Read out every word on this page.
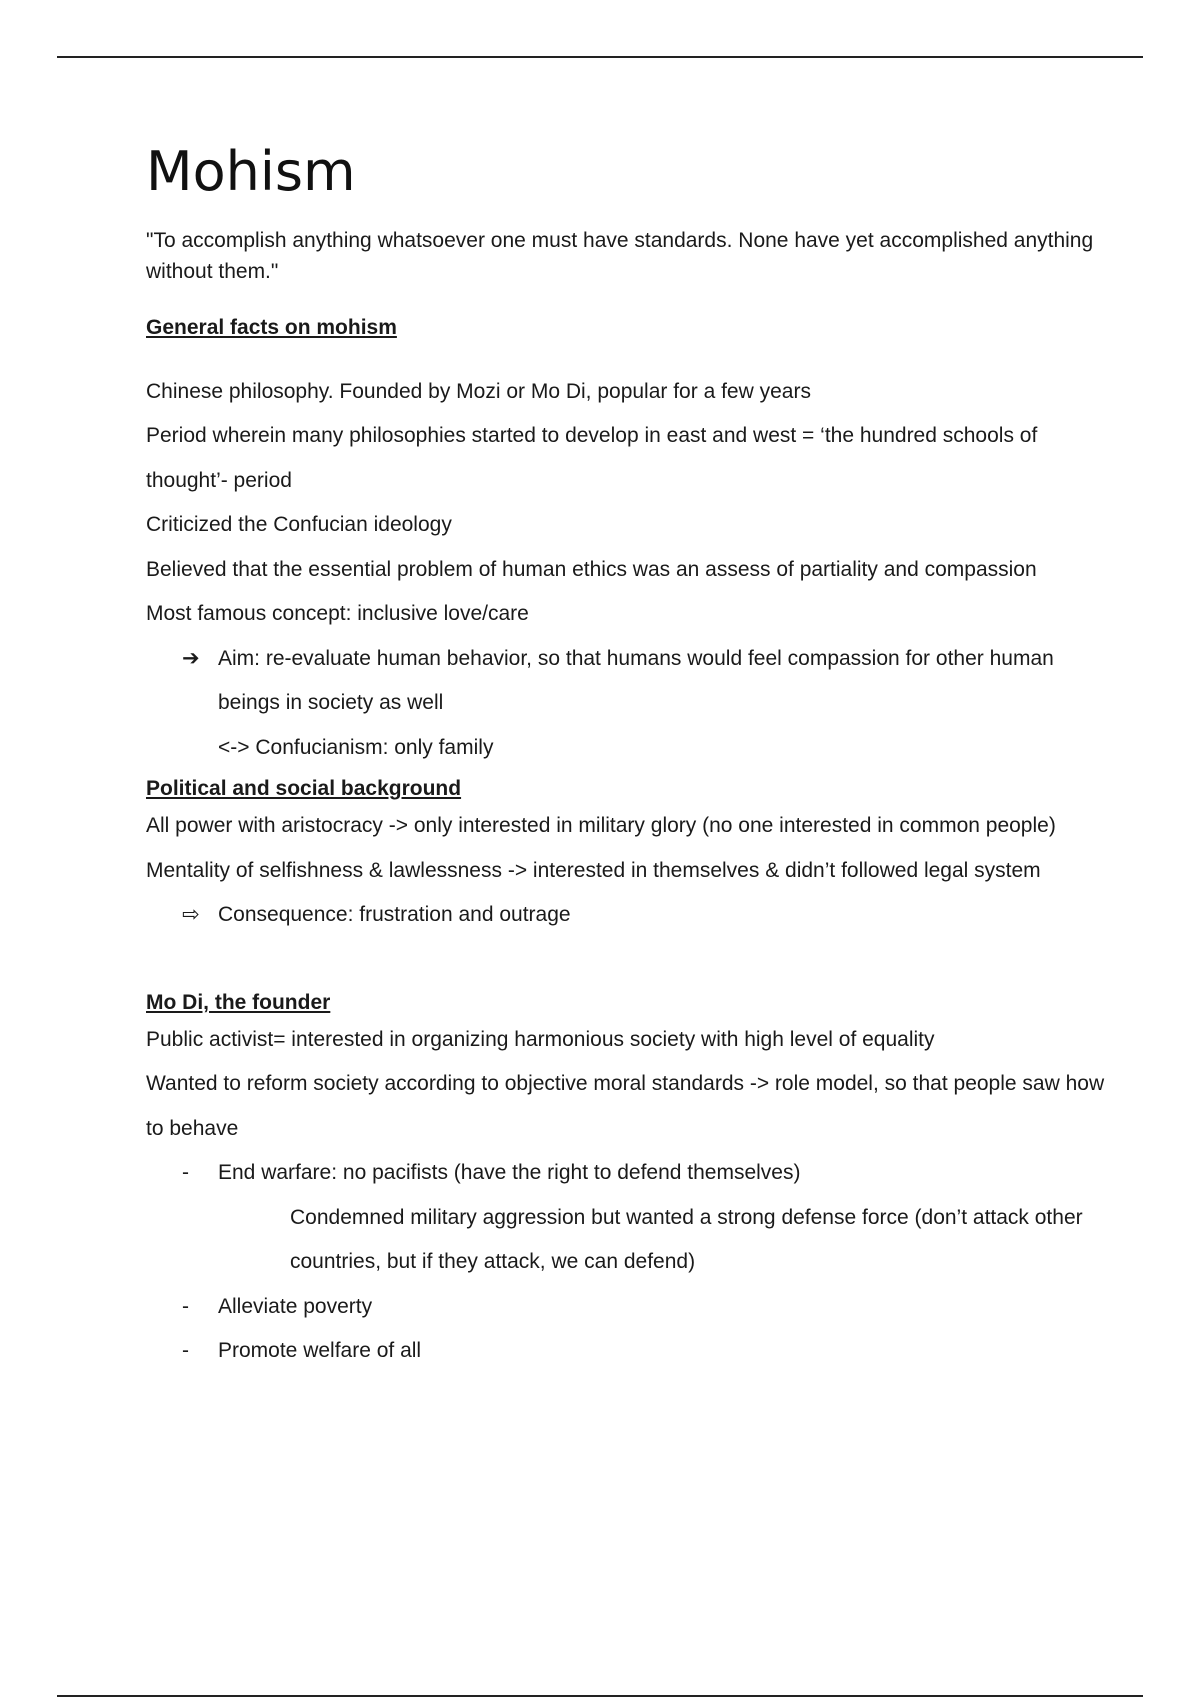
Mohism

"To accomplish anything whatsoever one must have standards. None have yet accomplished anything without them."

General facts on mohism
Chinese philosophy. Founded by Mozi or Mo Di, popular for a few years
Period wherein many philosophies started to develop in east and west = ‘the hundred schools of thought’- period
Criticized the Confucian ideology
Believed that the essential problem of human ethics was an assess of partiality and compassion
Most famous concept: inclusive love/care
➔ Aim: re-evaluate human behavior, so that humans would feel compassion for other human beings in society as well
<-> Confucianism: only family
Political and social background
All power with aristocracy -> only interested in military glory (no one interested in common people)
Mentality of selfishness & lawlessness -> interested in themselves & didn’t followed legal system
⇨ Consequence: frustration and outrage
Mo Di, the founder
Public activist= interested in organizing harmonious society with high level of equality
Wanted to reform society according to objective moral standards -> role model, so that people saw how to behave
- End warfare: no pacifists (have the right to defend themselves)
Condemned military aggression but wanted a strong defense force (don’t attack other countries, but if they attack, we can defend)
- Alleviate poverty
- Promote welfare of all
